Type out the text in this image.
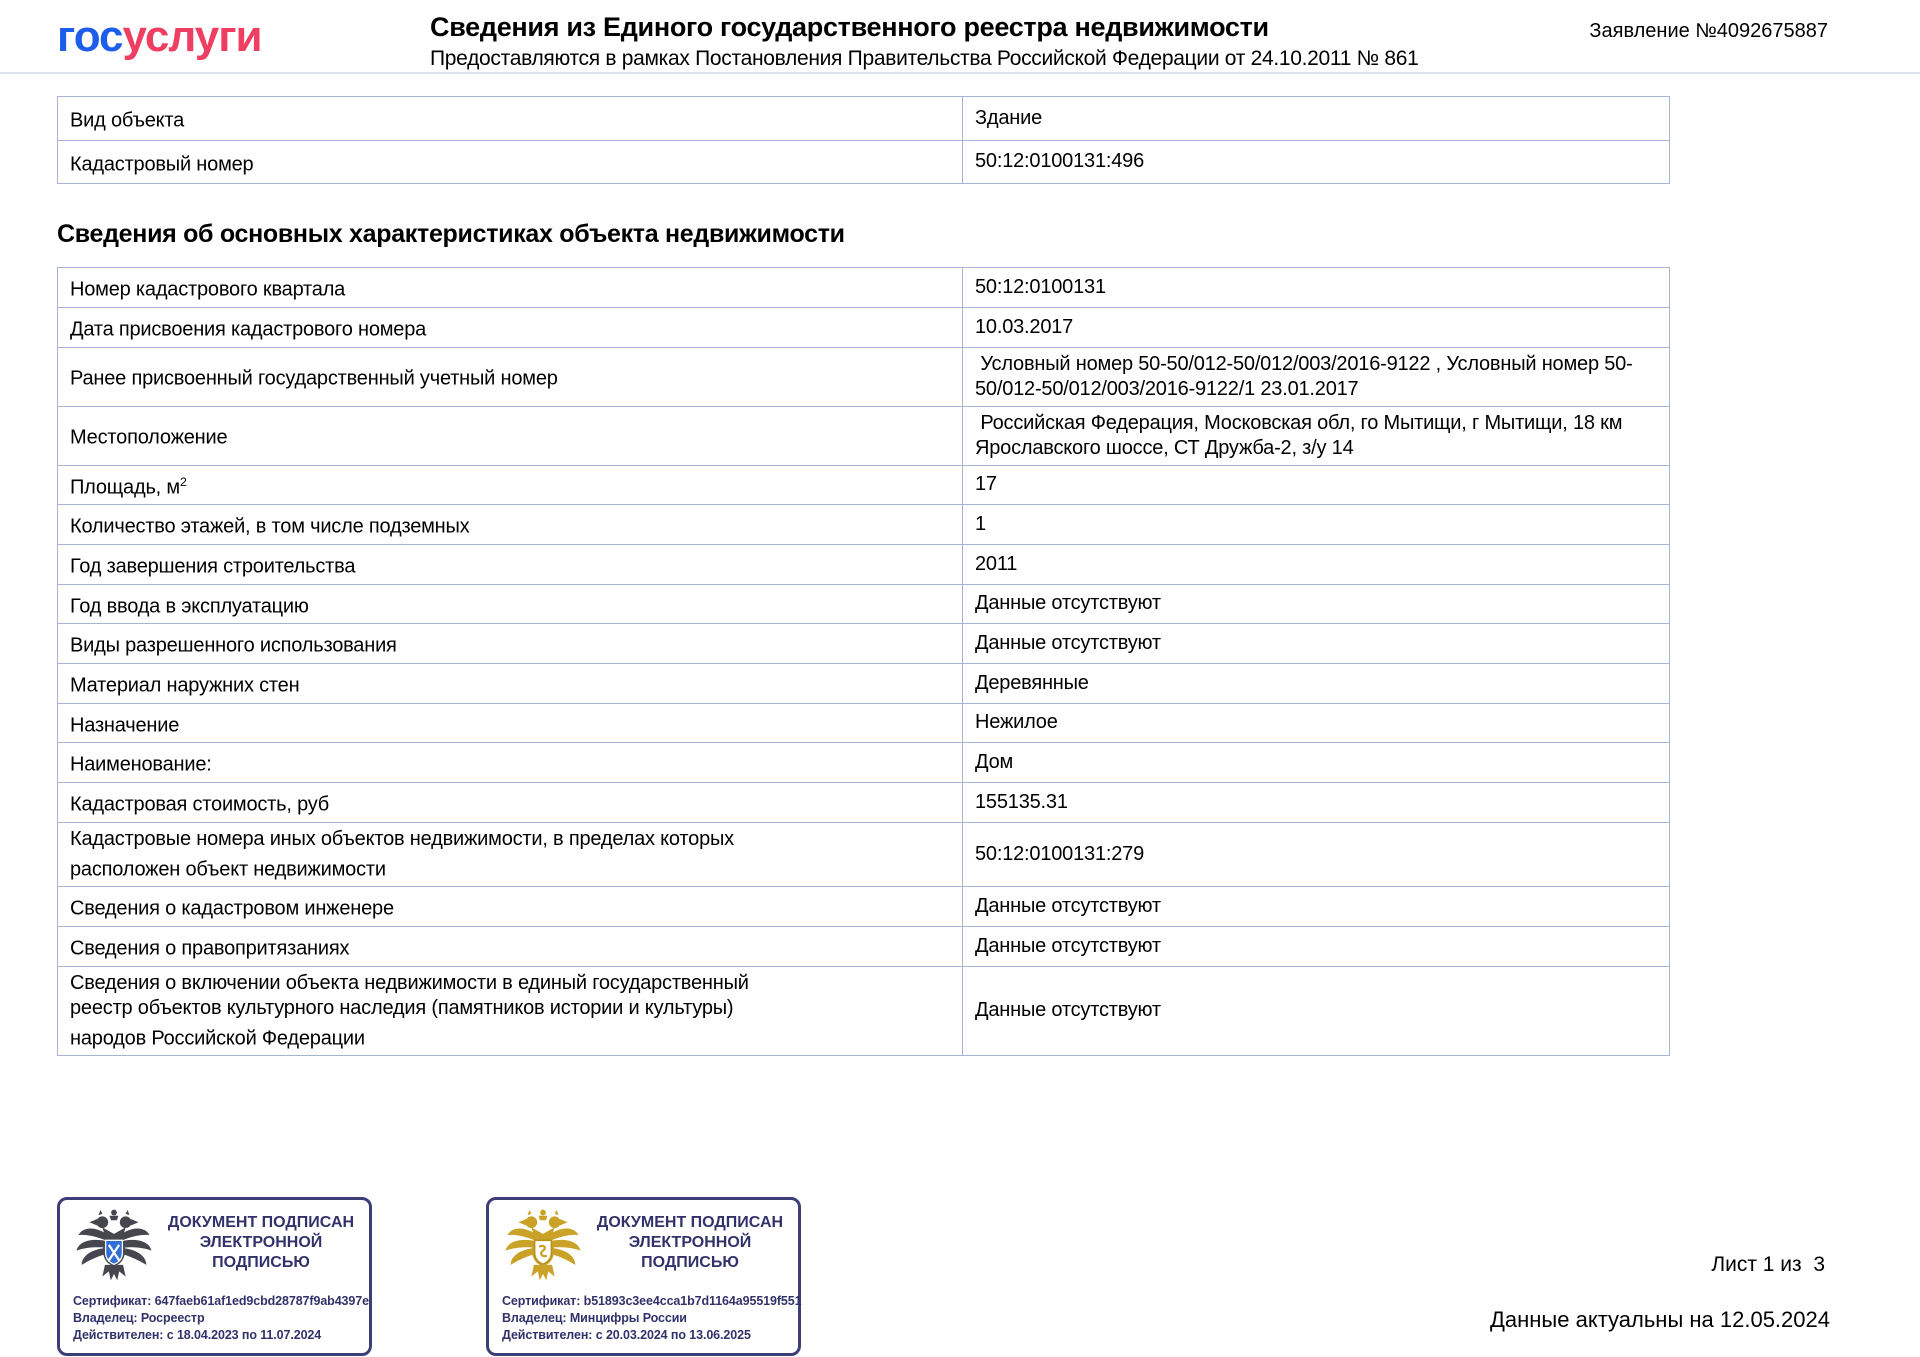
госуслуги	Сведения из Единого государственного реестра недвижимости
Предоставляются в рамках Постановления Правительства Российской Федерации от 24.10.2011 № 861
Заявление №4092675887
Вид объекта	Здание
Кадастровый номер	50:12:0100131:496
Сведения об основных характеристиках объекта недвижимости
Номер кадастрового квартала	50:12:0100131
Дата присвоения кадастрового номера	10.03.2017
Ранее присвоенный государственный учетный номер	Условный номер 50-50/012-50/012/003/2016-9122 , Условный номер 50-50/012-50/012/003/2016-9122/1 23.01.2017
Местоположение	Российская Федерация, Московская обл, го Мытищи, г Мытищи, 18 км Ярославского шоссе, СТ Дружба-2, з/у 14
Площадь, $м^2$	17
Количество этажей, в том числе подземных	1
Год завершения строительства	2011
Год ввода в эксплуатацию	Данные отсутствуют
Виды разрешенного использования	Данные отсутствуют
Материал наружних стен	Деревянные
Назначение	Нежилое
Наименование:	Дом
Кадастровая стоимость, руб	155135.31
Кадастровые номера иных объектов недвижимости, в пределах которых расположен объект недвижимости	50:12:0100131:279
Сведения о кадастровом инженере	Данные отсутствуют
Сведения о правопритязаниях	Данные отсутствуют
Сведения о включении объекта недвижимости в единый государственный реестр объектов культурного наследия (памятников истории и культуры) народов Российской Федерации	Данные отсутствуют
ДОКУМЕНТ ПОДПИСАН ЭЛЕКТРОННОЙ ПОДПИСЬЮ
Сертификат: 647faeb61af1ed9cbd28787f9ab4397e
Владелец: Росреестр
Действителен: с 18.04.2023 по 11.07.2024
ДОКУМЕНТ ПОДПИСАН ЭЛЕКТРОННОЙ ПОДПИСЬЮ
Сертификат: b51893c3ee4cca1b7d1164a95519f551
Владелец: Минцифры России
Действителен: с 20.03.2024 по 13.06.2025
Лист 1 из  3
Данные актуальны на 12.05.2024
